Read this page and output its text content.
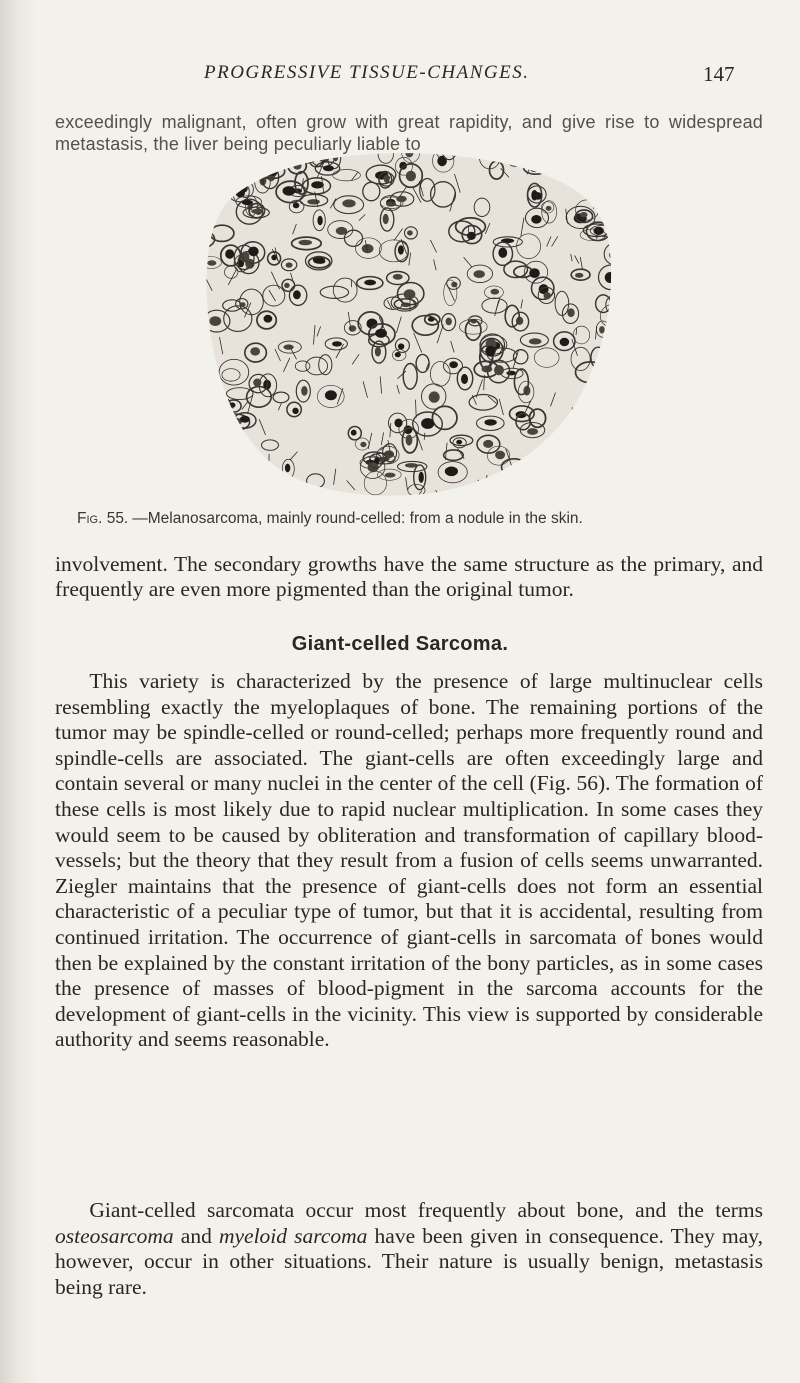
PROGRESSIVE TISSUE-CHANGES.	147

exceedingly malignant, often grow with great rapidity, and give rise to widespread metastasis, the liver being peculiarly liable to

Fig. 55. —Melanosarcoma, mainly round-celled: from a nodule in the skin.

involvement. The secondary growths have the same structure as the primary, and frequently are even more pigmented than the original tumor.

Giant-celled Sarcoma.

This variety is characterized by the presence of large multinuclear cells resembling exactly the myeloplaques of bone. The remaining portions of the tumor may be spindle-celled or round-celled; perhaps more frequently round and spindle-cells are associated. The giant-cells are often exceedingly large and contain several or many nuclei in the center of the cell (Fig. 56). The formation of these cells is most likely due to rapid nuclear multiplication. In some cases they would seem to be caused by obliteration and transformation of capillary blood-vessels; but the theory that they result from a fusion of cells seems unwarranted. Ziegler maintains that the presence of giant-cells does not form an essential characteristic of a peculiar type of tumor, but that it is accidental, resulting from continued irritation. The occurrence of giant-cells in sarcomata of bones would then be explained by the constant irritation of the bony particles, as in some cases the presence of masses of blood-pigment in the sarcoma accounts for the development of giant-cells in the vicinity. This view is supported by considerable authority and seems reasonable.

Giant-celled sarcomata occur most frequently about bone, and the terms osteosarcoma and myeloid sarcoma have been given in consequence. They may, however, occur in other situations. Their nature is usually benign, metastasis being rare.
